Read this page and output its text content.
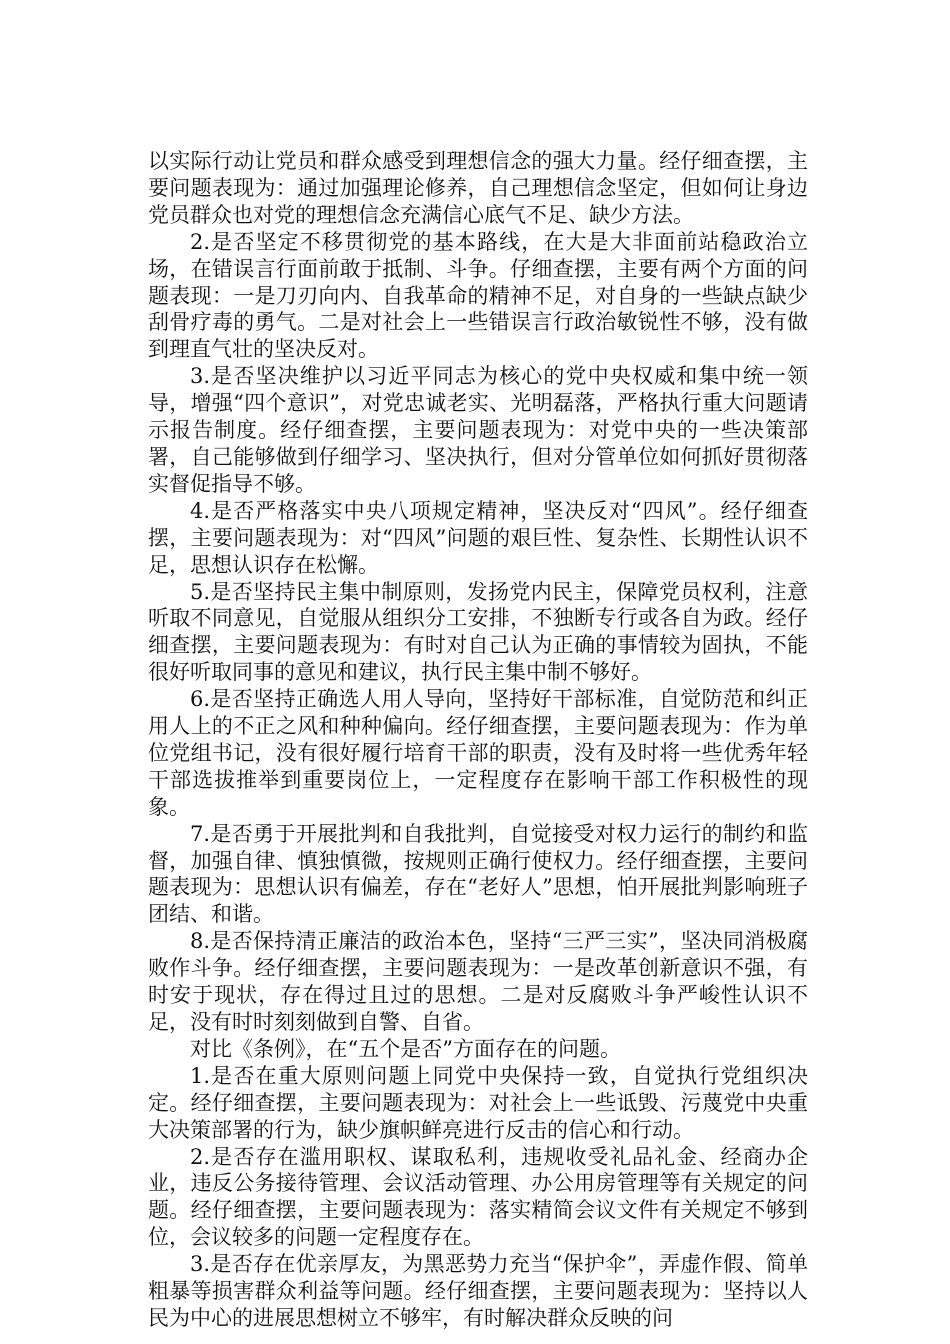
以实际行动让党员和群众感受到理想信念的强大力量。经仔细查摆，主要问题表现为：通过加强理论修养，自己理想信念坚定，但如何让身边党员群众也对党的理想信念充满信心底气不足、缺少方法。

2.是否坚定不移贯彻党的基本路线，在大是大非面前站稳政治立场，在错误言行面前敢于抵制、斗争。仔细查摆，主要有两个方面的问题表现：一是刀刃向内、自我革命的精神不足，对自身的一些缺点缺少刮骨疗毒的勇气。二是对社会上一些错误言行政治敏锐性不够，没有做到理直气壮的坚决反对。

3.是否坚决维护以习近平同志为核心的党中央权威和集中统一领导，增强“四个意识”，对党忠诚老实、光明磊落，严格执行重大问题请示报告制度。经仔细查摆，主要问题表现为：对党中央的一些决策部署，自己能够做到仔细学习、坚决执行，但对分管单位如何抓好贯彻落实督促指导不够。

4.是否严格落实中央八项规定精神，坚决反对“四风”。经仔细查摆，主要问题表现为：对“四风”问题的艰巨性、复杂性、长期性认识不足，思想认识存在松懈。

5.是否坚持民主集中制原则，发扬党内民主，保障党员权利，注意听取不同意见，自觉服从组织分工安排，不独断专行或各自为政。经仔细查摆，主要问题表现为：有时对自己认为正确的事情较为固执，不能很好听取同事的意见和建议，执行民主集中制不够好。

6.是否坚持正确选人用人导向，坚持好干部标准，自觉防范和纠正用人上的不正之风和种种偏向。经仔细查摆，主要问题表现为：作为单位党组书记，没有很好履行培育干部的职责，没有及时将一些优秀年轻干部选拔推举到重要岗位上，一定程度存在影响干部工作积极性的现象。

7.是否勇于开展批判和自我批判，自觉接受对权力运行的制约和监督，加强自律、慎独慎微，按规则正确行使权力。经仔细查摆，主要问题表现为：思想认识有偏差，存在“老好人”思想，怕开展批判影响班子团结、和谐。

8.是否保持清正廉洁的政治本色，坚持“三严三实”，坚决同消极腐败作斗争。经仔细查摆，主要问题表现为：一是改革创新意识不强，有时安于现状，存在得过且过的思想。二是对反腐败斗争严峻性认识不足，没有时时刻刻做到自警、自省。

对比《条例》，在“五个是否”方面存在的问题。

1.是否在重大原则问题上同党中央保持一致，自觉执行党组织决定。经仔细查摆，主要问题表现为：对社会上一些诋毁、污蔑党中央重大决策部署的行为，缺少旗帜鲜亮进行反击的信心和行动。

2.是否存在滥用职权、谋取私利，违规收受礼品礼金、经商办企业，违反公务接待管理、会议活动管理、办公用房管理等有关规定的问题。经仔细查摆，主要问题表现为：落实精简会议文件有关规定不够到位，会议较多的问题一定程度存在。

3.是否存在优亲厚友，为黑恶势力充当“保护伞”，弄虚作假、简单粗暴等损害群众利益等问题。经仔细查摆，主要问题表现为：坚持以人民为中心的进展思想树立不够牢，有时解决群众反映的问
